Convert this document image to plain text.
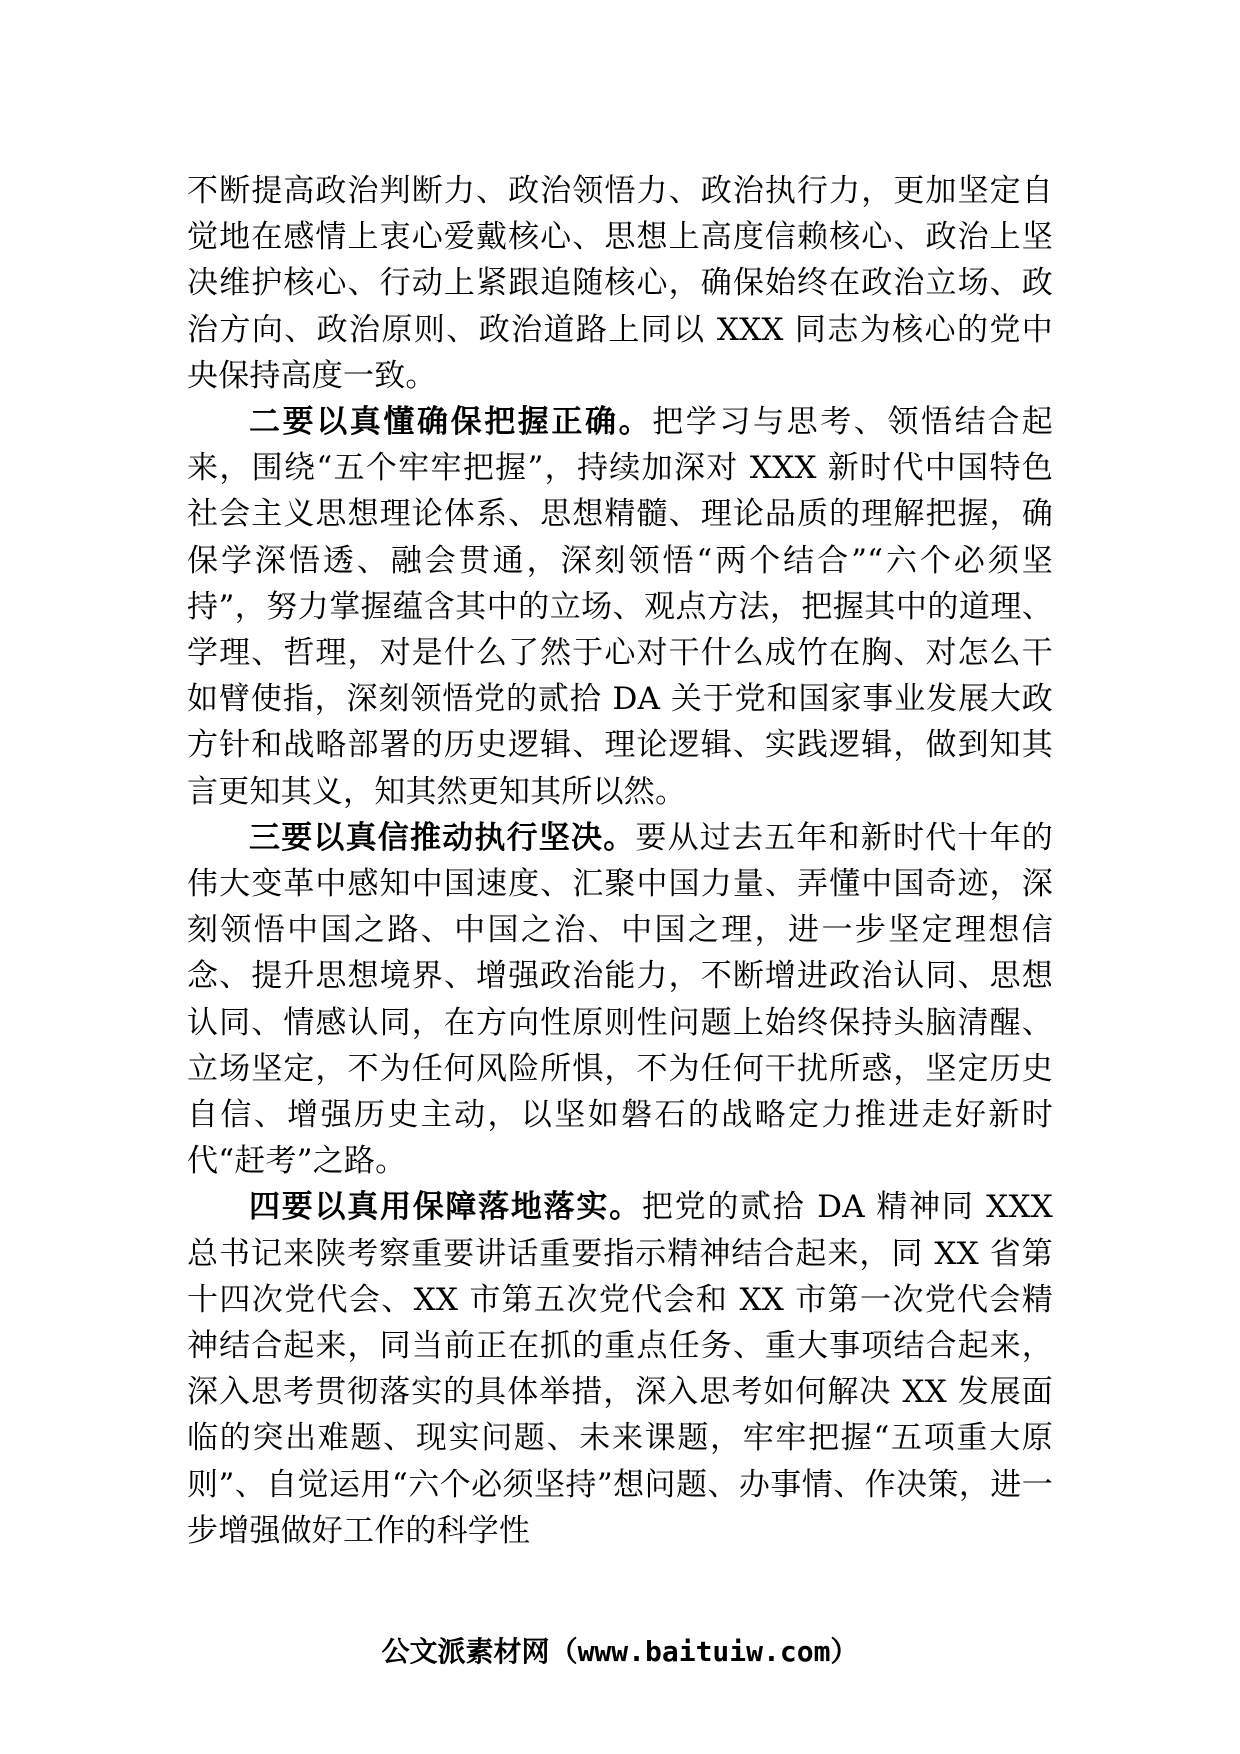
不断提高政治判断力、政治领悟力、政治执行力，更加坚定自觉地在感情上衷心爱戴核心、思想上高度信赖核心、政治上坚决维护核心、行动上紧跟追随核心，确保始终在政治立场、政治方向、政治原则、政治道路上同以 XXX 同志为核心的党中央保持高度一致。

二要以真懂确保把握正确。把学习与思考、领悟结合起来，围绕“五个牢牢把握”，持续加深对 XXX 新时代中国特色社会主义思想理论体系、思想精髓、理论品质的理解把握，确保学深悟透、融会贯通，深刻领悟“两个结合”“六个必须坚持”，努力掌握蕴含其中的立场、观点方法，把握其中的道理、学理、哲理，对是什么了然于心对干什么成竹在胸、对怎么干如臂使指，深刻领悟党的贰拾 DA 关于党和国家事业发展大政方针和战略部署的历史逻辑、理论逻辑、实践逻辑，做到知其言更知其义，知其然更知其所以然。

三要以真信推动执行坚决。要从过去五年和新时代十年的伟大变革中感知中国速度、汇聚中国力量、弄懂中国奇迹，深刻领悟中国之路、中国之治、中国之理，进一步坚定理想信念、提升思想境界、增强政治能力，不断增进政治认同、思想认同、情感认同，在方向性原则性问题上始终保持头脑清醒、立场坚定，不为任何风险所惧，不为任何干扰所惑，坚定历史自信、增强历史主动，以坚如磐石的战略定力推进走好新时代“赶考”之路。

四要以真用保障落地落实。把党的贰拾 DA 精神同 XXX 总书记来陕考察重要讲话重要指示精神结合起来，同 XX 省第十四次党代会、XX 市第五次党代会和 XX 市第一次党代会精神结合起来，同当前正在抓的重点任务、重大事项结合起来，深入思考贯彻落实的具体举措，深入思考如何解决 XX 发展面临的突出难题、现实问题、未来课题，牢牢把握“五项重大原则”、自觉运用“六个必须坚持”想问题、办事情、作决策，进一步增强做好工作的科学性

公文派素材网（www.baituiw.com）
